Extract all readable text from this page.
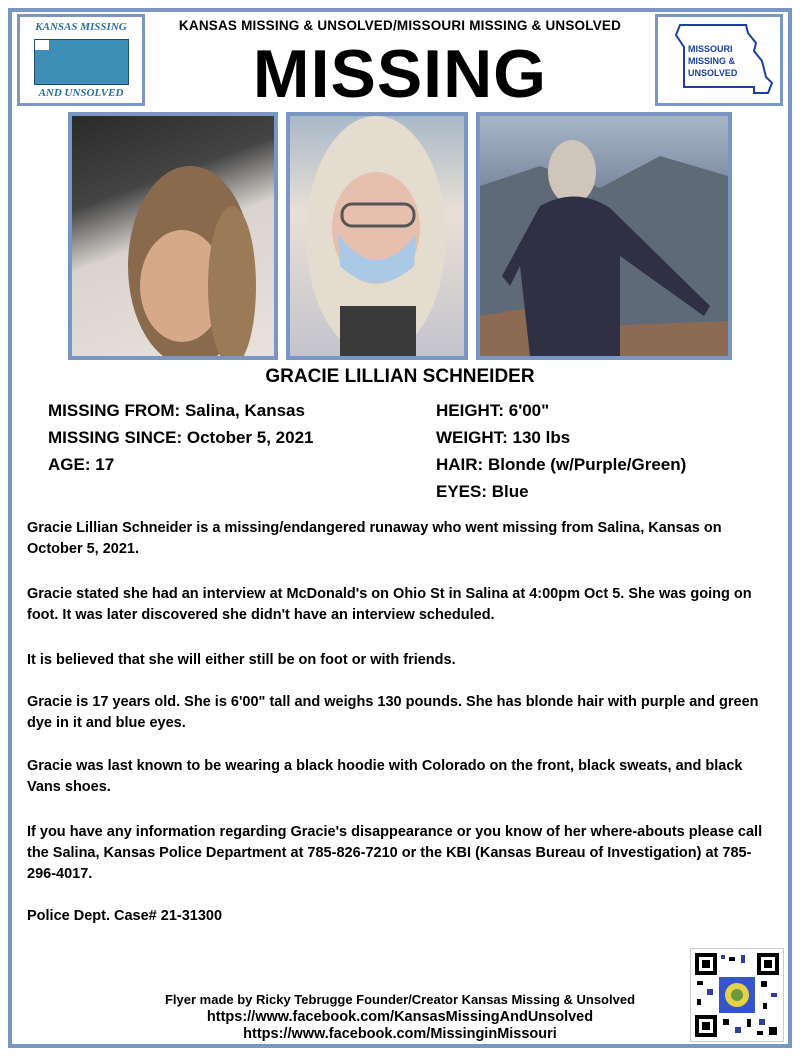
KANSAS MISSING
AND UNSOLVED
KANSAS MISSING & UNSOLVED/MISSOURI MISSING & UNSOLVED
MISSING	MISSOURI
MISSING &
UNSOLVED
GRACIE LILLIAN SCHNEIDER
MISSING FROM: Salina, Kansas
MISSING SINCE: October 5, 2021
AGE: 17
HEIGHT: 6'00"
WEIGHT: 130 lbs
HAIR: Blonde (w/Purple/Green)
EYES: Blue
Gracie Lillian Schneider is a missing/endangered runaway who went missing from Salina, Kansas on October 5, 2021.
Gracie stated she had an interview at McDonald's on Ohio St in Salina at 4:00pm Oct 5. She was going on foot. It was later discovered she didn't have an interview scheduled.
It is believed that she will either still be on foot or with friends.
Gracie is 17 years old. She is 6'00" tall and weighs 130 pounds. She has blonde hair with purple and green dye in it and blue eyes.
Gracie was last known to be wearing a black hoodie with Colorado on the front, black sweats, and black Vans shoes.
If you have any information regarding Gracie's disappearance or you know of her where-abouts please call the Salina, Kansas Police Department at 785-826-7210 or the KBI (Kansas Bureau of Investigation) at 785-296-4017.
Police Dept. Case# 21-31300
Flyer made by Ricky Tebrugge Founder/Creator Kansas Missing & Unsolved
https://www.facebook.com/KansasMissingAndUnsolved
https://www.facebook.com/MissinginMissouri
